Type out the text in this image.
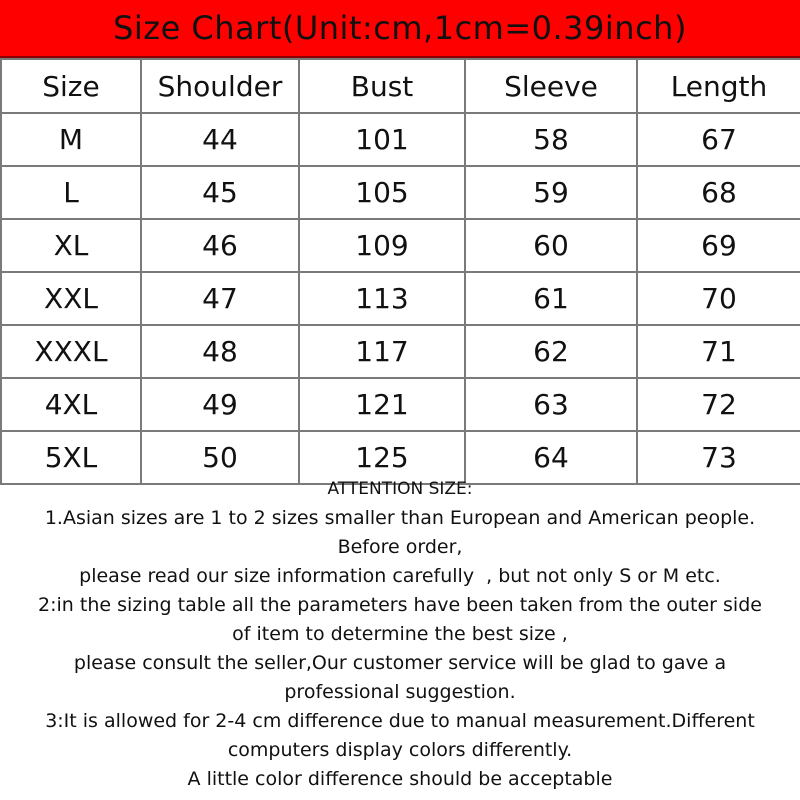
Size Chart(Unit:cm,1cm=0.39inch)
Size	Shoulder	Bust	Sleeve	Length
M	44	101	58	67
L	45	105	59	68
XL	46	109	60	69
XXL	47	113	61	70
XXXL	48	117	62	71
4XL	49	121	63	72
5XL	50	125	64	73
ATTENTION SIZE:
1.Asian sizes are 1 to 2 sizes smaller than European and American people.
Before order,
please read our size information carefully  , but not only S or M etc.
2:in the sizing table all the parameters have been taken from the outer side
of item to determine the best size ,
please consult the seller,Our customer service will be glad to gave a
professional suggestion.
3:It is allowed for 2-4 cm difference due to manual measurement.Different
computers display colors differently.
A little color difference should be acceptable
